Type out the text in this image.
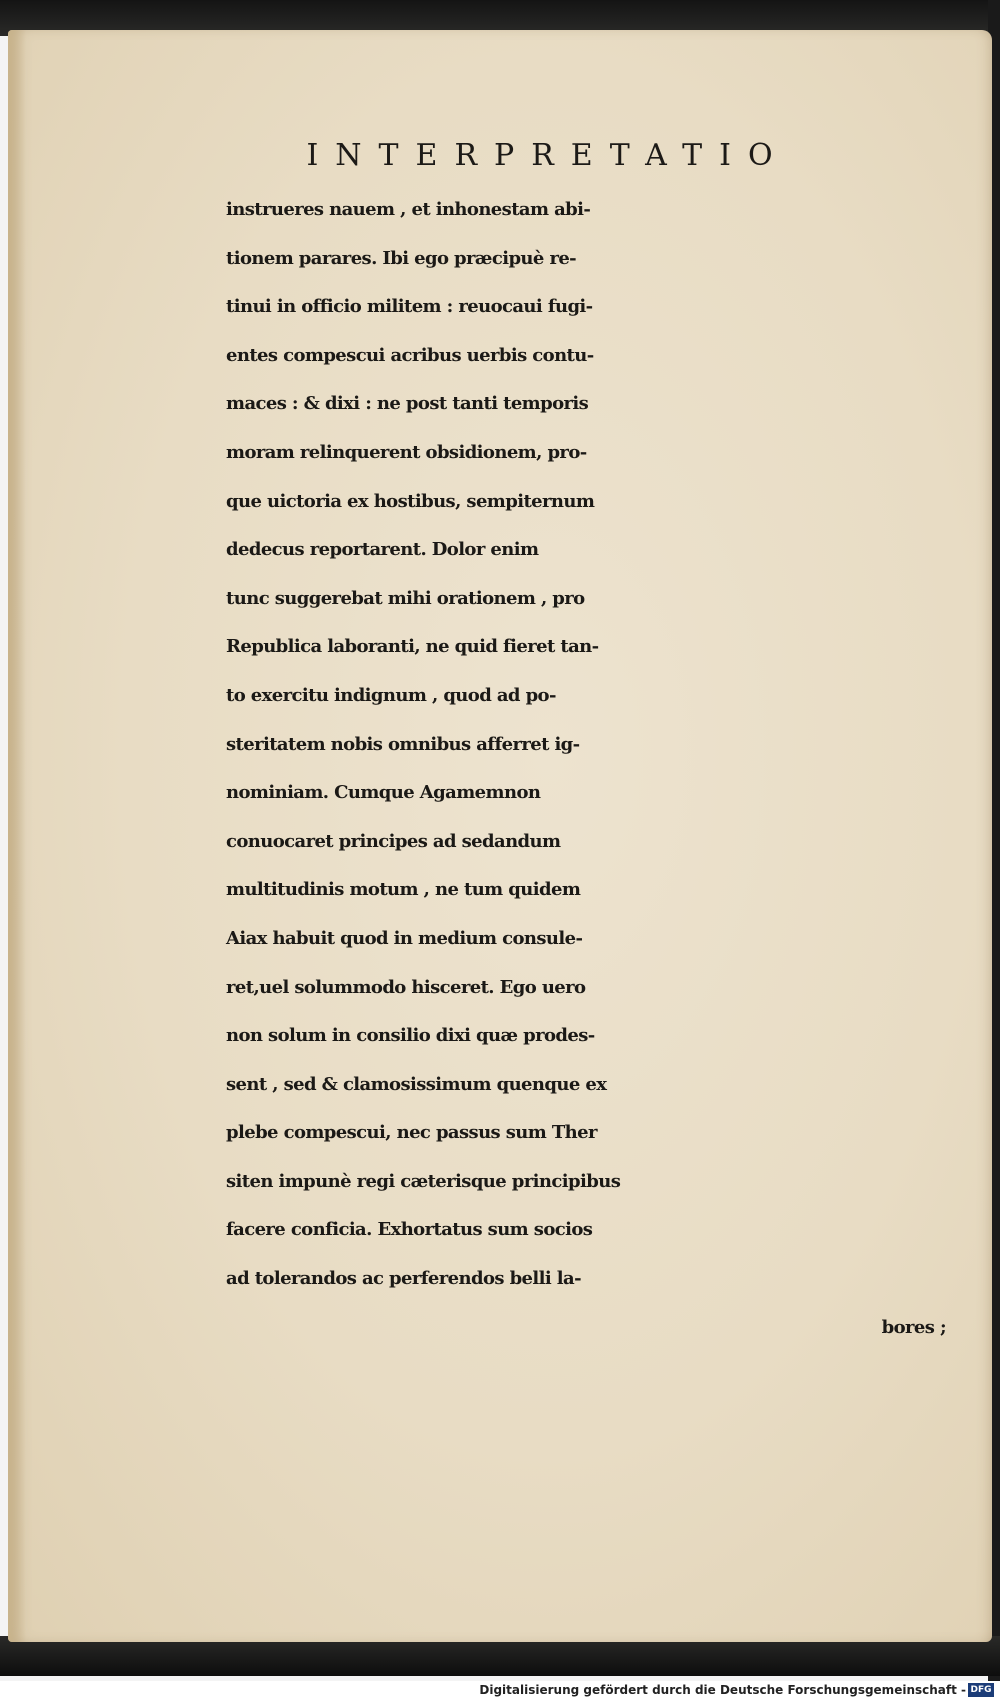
INTERPRETATIO
instrueres nauem , et inhonestam abi-
tionem parares. Ibi ego præcipuè re-
tinui in officio militem : reuocaui fugi-
entes compescui acribus uerbis contu-
maces : & dixi : ne post tanti temporis
moram relinquerent obsidionem, pro-
que uictoria ex hostibus, sempiternum
dedecus reportarent. Dolor enim
tunc suggerebat mihi orationem , pro
Republica laboranti, ne quid fieret tan-
to exercitu indignum , quod ad po-
steritatem nobis omnibus afferret ig-
nominiam. Cumque Agamemnon
conuocaret principes ad sedandum
multitudinis motum , ne tum quidem
Aiax habuit quod in medium consule-
ret,uel solummodo hisceret. Ego uero
non solum in consilio dixi quæ prodes-
sent , sed & clamosissimum quenque ex
plebe compescui, nec passus sum Ther
siten impunè regi cæterisque principibus
facere conficia. Exhortatus sum socios
ad tolerandos ac perferendos belli la-
bores ;
Digitalisierung gefördert durch die Deutsche Forschungsgemeinschaft - DFG
